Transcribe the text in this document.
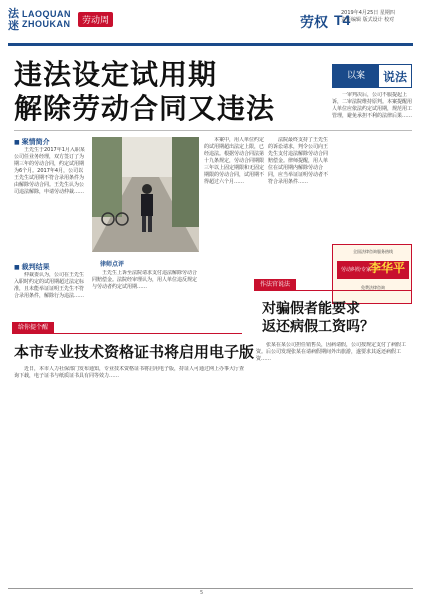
法
迷
LAOQUAN
ZHOUKAN	劳动周	劳权 T4
2019年4月25日 星期四
责任编辑 版式设计 校对
违法设定试用期
解除劳动合同又违法
以案	说法
■ 案情简介
王先生于2017年1月入职某公司任业务经理，双方签订了为期三年的劳动合同，约定试用期为6个月。2017年4月，公司以王先生试用期不符合录用条件为由解除劳动合同。王先生认为公司违法解除，申请劳动仲裁……
律师点评
王先生上诉至法院请求支付违法解除劳动合同赔偿金。法院经审理认为，用人单位违反规定与劳动者约定试用期……
■ 裁判结果
仲裁委认为，公司在王先生入职时约定的试用期超过法定标准，且未能举证证明王先生不符合录用条件，解除行为违法……
本案中，用人单位约定的试用期超出法定上限，已经违法。根据劳动合同法第十九条规定，劳动合同期限三年以上固定期限和无固定期限的劳动合同，试用期不得超过六个月……
法院最终支持了王先生的诉讼请求，判令公司向王先生支付违法解除劳动合同赔偿金。律师提醒，用人单位在试用期内解除劳动合同，应当举证证明劳动者不符合录用条件……
一审判决后，公司不服提起上诉，二审法院维持原判。本案提醒用人单位应依法约定试用期，规范用工管理，避免承担不利的法律后果……
全国法律咨询服务热线
劳动纠纷专家
李华平
免费法律咨询
给你提个醒
本市专业技术资格证书将启用电子版
近日，本市人力社保部门发布通知，专业技术资格证书将启用电子版，持证人可通过网上办事大厅查询下载，电子证书与纸质证书具有同等效力……
作法官说法
对骗假者能要求
返还病假工资吗？
张某在某公司担任销售员，因病请假，公司按规定支付了病假工资。后公司发现张某在请病假期间外出旅游，遂要求其返还病假工资……
5
